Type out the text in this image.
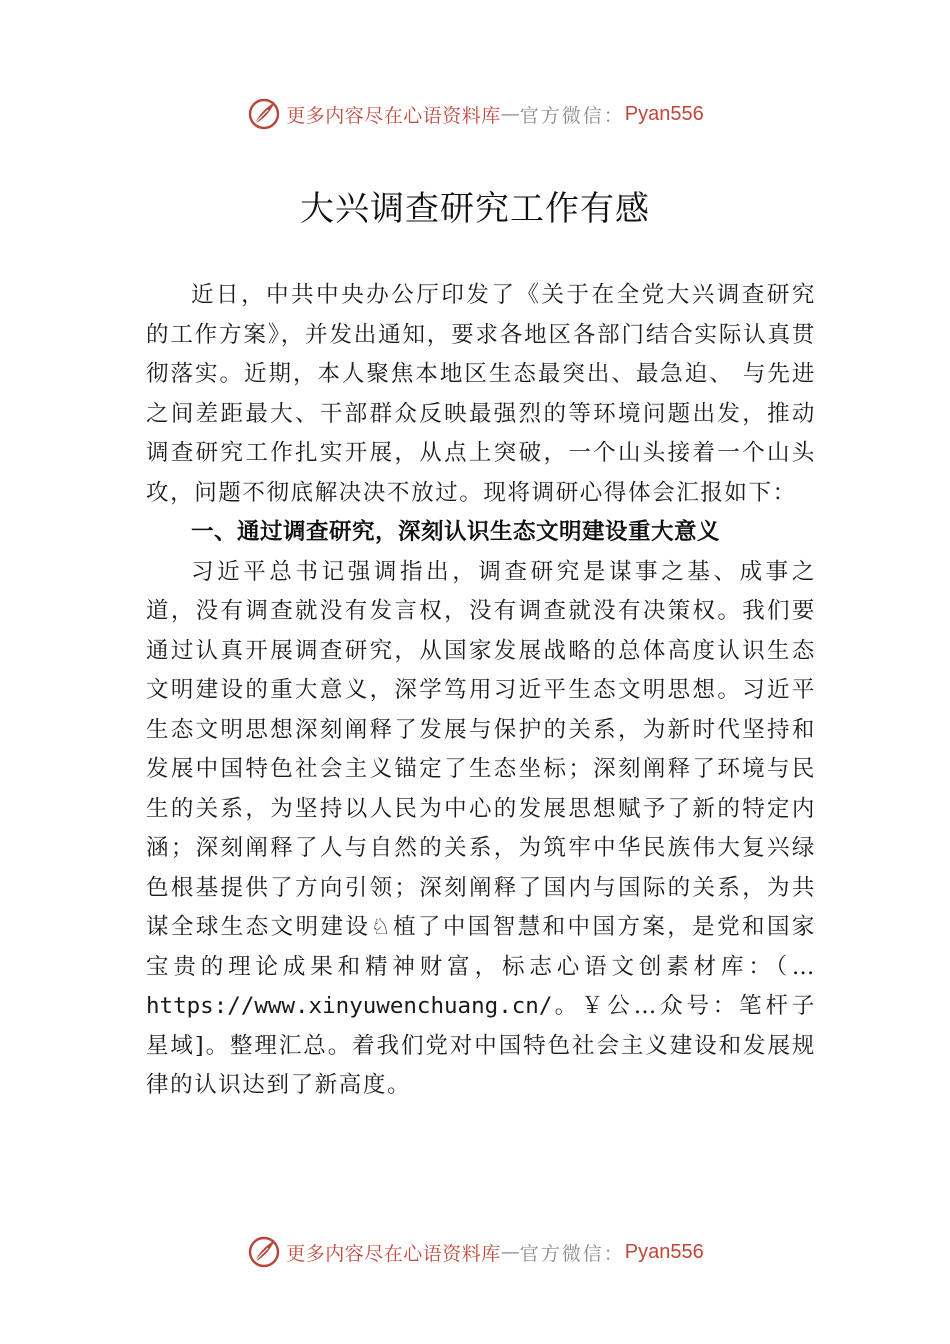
更多内容尽在心语资料库 — 官方微信： Pyan556
大兴调查研究工作有感

近日，中共中央办公厅印发了《关于在全党大兴调查研究的工作方案》，并发出通知，要求各地区各部门结合实际认真贯彻落实。近期，本人聚焦本地区生态最突出、最急迫、 与先进之间差距最大、干部群众反映最强烈的等环境问题出发，推动调查研究工作扎实开展，从点上突破，一个山头接着一个山头攻，问题不彻底解决决不放过。现将调研心得体会汇报如下：

一、通过调查研究，深刻认识生态文明建设重大意义

习近平总书记强调指出，调查研究是谋事之基、成事之道，没有调查就没有发言权，没有调查就没有决策权。我们要通过认真开展调查研究，从国家发展战略的总体高度认识生态文明建设的重大意义，深学笃用习近平生态文明思想。习近平生态文明思想深刻阐释了发展与保护的关系，为新时代坚持和发展中国特色社会主义锚定了生态坐标；深刻阐释了环境与民生的关系，为坚持以人民为中心的发展思想赋予了新的特定内涵；深刻阐释了人与自然的关系，为筑牢中华民族伟大复兴绿色根基提供了方向引领；深刻阐释了国内与国际的关系，为共谋全球生态文明建设♘植了中国智慧和中国方案，是党和国家宝贵的理论成果和精神财富，标志心语文创素材库：（…https://www.xinyuwenchuang.cn/。￥公…众号：笔杆子星域]。整理汇总。着我们党对中国特色社会主义建设和发展规律的认识达到了新高度。

更多内容尽在心语资料库 — 官方微信： Pyan556
